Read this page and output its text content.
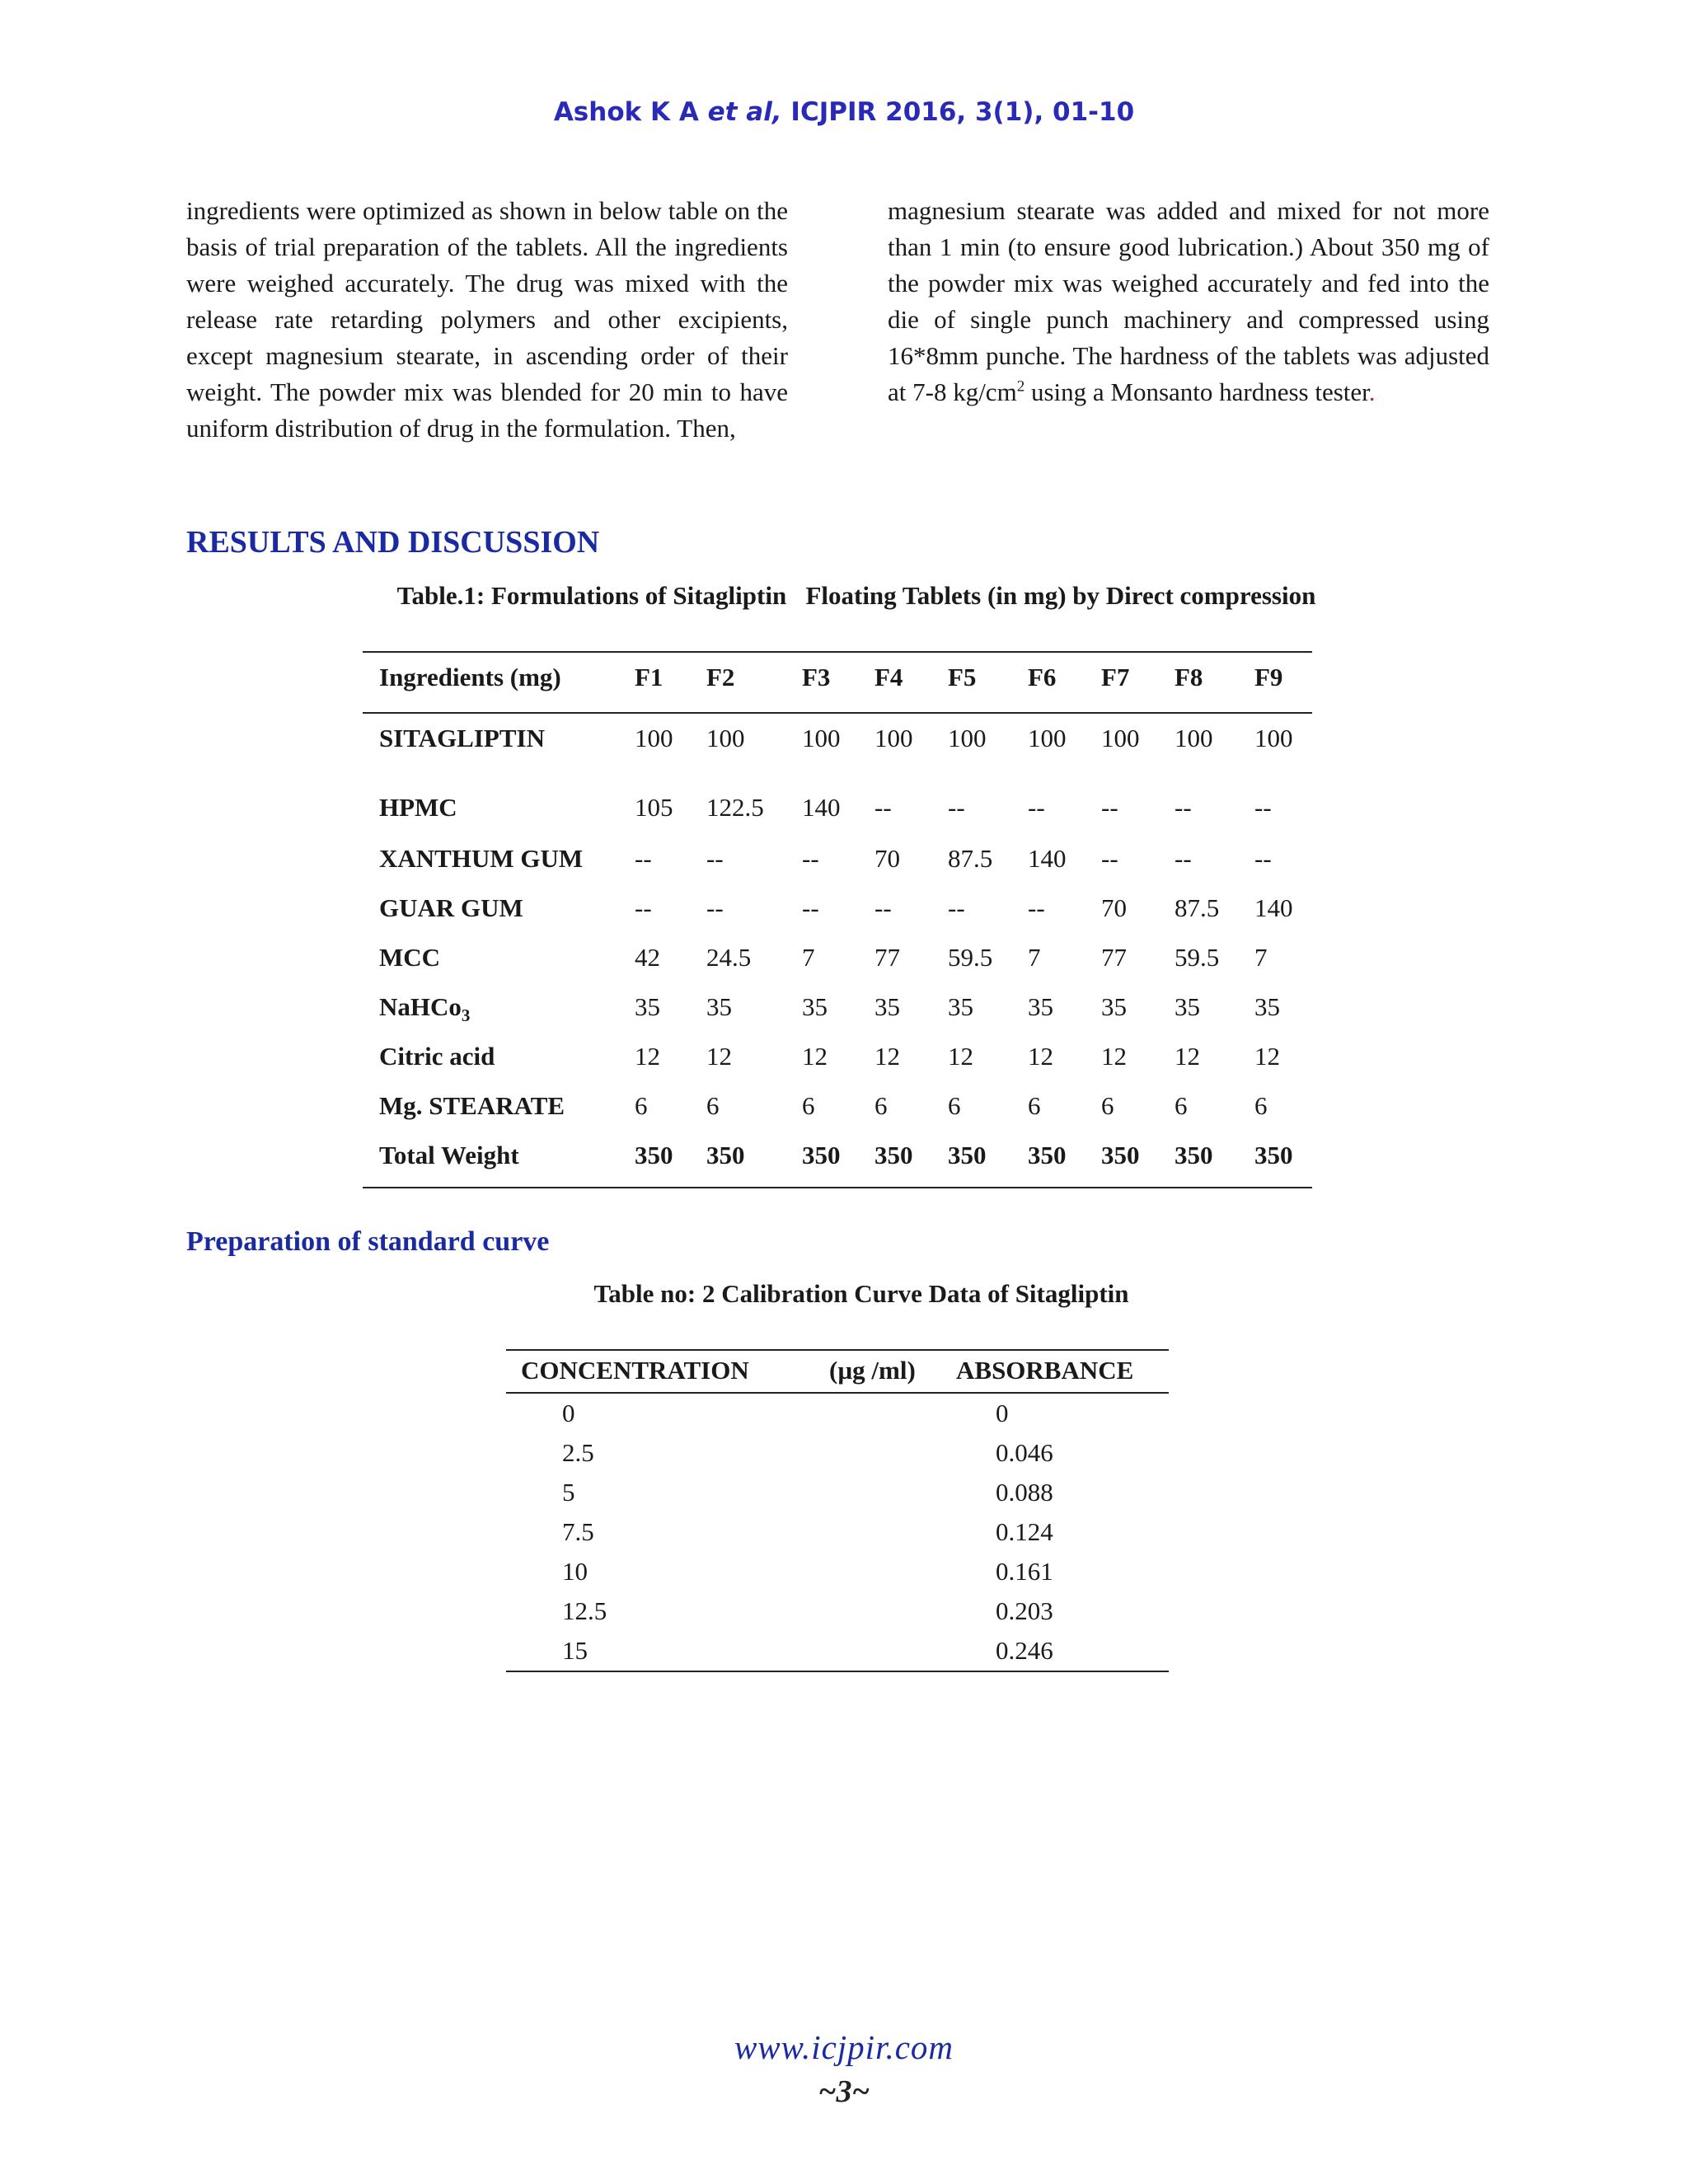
Ashok K A et al, ICJPIR 2016, 3(1), 01-10

ingredients were optimized as shown in below table on the basis of trial preparation of the tablets. All the ingredients were weighed accurately. The drug was mixed with the release rate retarding polymers and other excipients, except magnesium stearate, in ascending order of their weight. The powder mix was blended for 20 min to have uniform distribution of drug in the formulation. Then,

magnesium stearate was added and mixed for not more than 1 min (to ensure good lubrication.) About 350 mg of the powder mix was weighed accurately and fed into the die of single punch machinery and compressed using 16*8mm punche. The hardness of the tablets was adjusted at 7-8 $kg/cm^2$ using a Monsanto hardness tester.

RESULTS AND DISCUSSION
Table.1: Formulations of Sitagliptin   Floating Tablets (in mg) by Direct compression
Ingredients (mg)	F1 F2	F3 F4 F5 F6 F7 F8 F9
SITAGLIPTIN	100 100 100 100 100 100 100 100 100
HPMC	105 122.5 140 -- -- -- -- -- --
XANTHUM GUM -- --	-- 70 87.5 140 -- -- --
GUAR GUM	-- --	-- -- -- -- 70 87.5 140
MCC	42 24.5 7 77 59.5 7 77 59.5 7
NaHCo$_3$	35 35	35 35 35 35 35 35 35
Citric acid	12 12	12 12 12 12 12 12 12
Mg. STEARATE	6 6	6 6 6	6 6 6	6
Total Weight	350 350 350 350 350 350 350 350 350
Preparation of standard curve
Table no: 2 Calibration Curve Data of Sitagliptin
CONCENTRATION	(µg /ml) ABSORBANCE
0	0
2.5	0.046
5	0.088
7.5	0.124
10	0.161
12.5	0.203
15	0.246
www.icjpir.com
~3~
